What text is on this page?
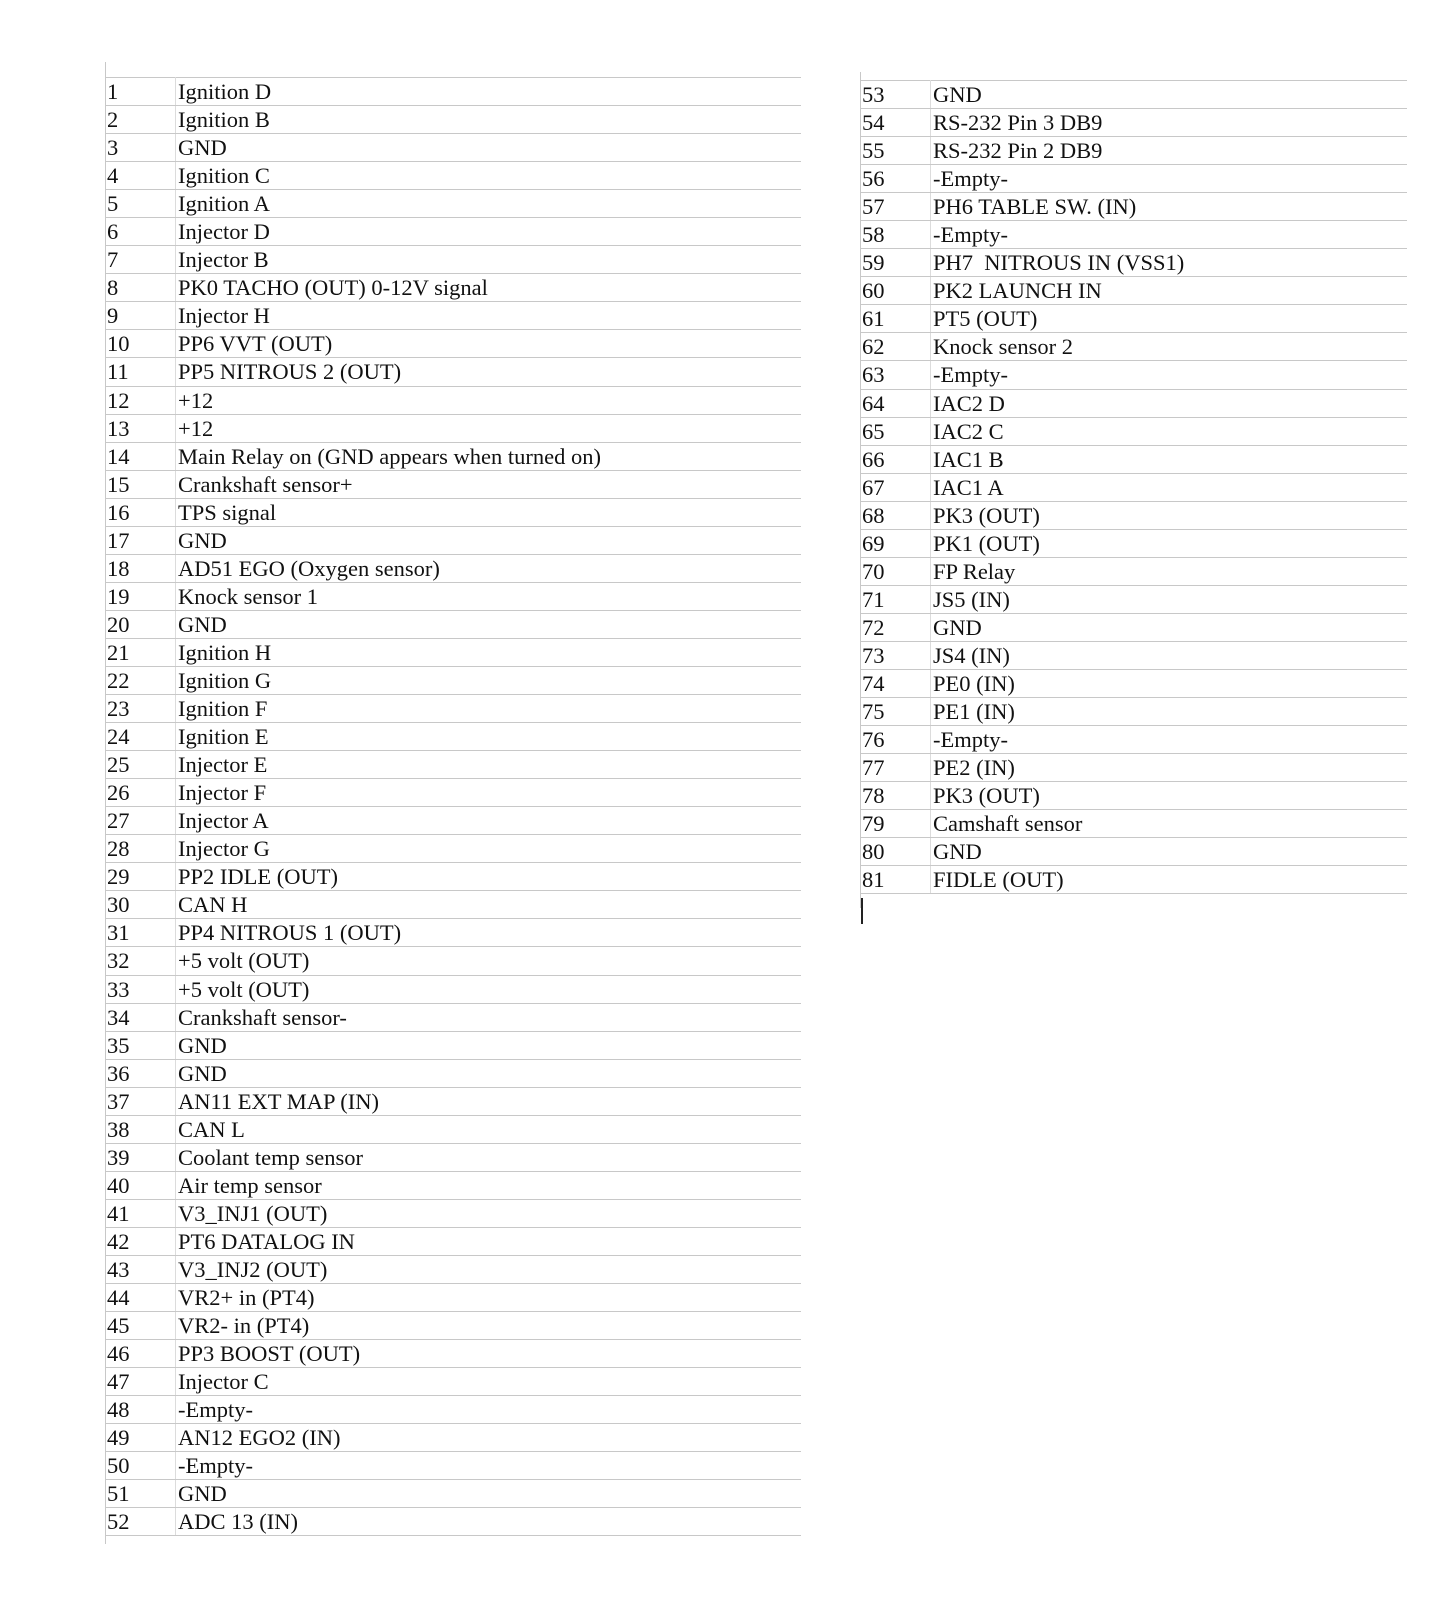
1	Ignition D
2	Ignition B
3	GND
4	Ignition C
5	Ignition A
6	Injector D
7	Injector B
8	PK0 TACHO (OUT) 0-12V signal
9	Injector H
10	PP6 VVT (OUT)
11	PP5 NITROUS 2 (OUT)
12	+12
13	+12
14	Main Relay on (GND appears when turned on)
15	Crankshaft sensor+
16	TPS signal
17	GND
18	AD51 EGO (Oxygen sensor)
19	Knock sensor 1
20	GND
21	Ignition H
22	Ignition G
23	Ignition F
24	Ignition E
25	Injector E
26	Injector F
27	Injector A
28	Injector G
29	PP2 IDLE (OUT)
30	CAN H
31	PP4 NITROUS 1 (OUT)
32	+5 volt (OUT)
33	+5 volt (OUT)
34	Crankshaft sensor-
35	GND
36	GND
37	AN11 EXT MAP (IN)
38	CAN L
39	Coolant temp sensor
40	Air temp sensor
41	V3_INJ1 (OUT)
42	PT6 DATALOG IN
43	V3_INJ2 (OUT)
44	VR2+ in (PT4)
45	VR2- in (PT4)
46	PP3 BOOST (OUT)
47	Injector C
48	-Empty-
49	AN12 EGO2 (IN)
50	-Empty-
51	GND
52	ADC 13 (IN)
53	GND
54	RS-232 Pin 3 DB9
55	RS-232 Pin 2 DB9
56	-Empty-
57	PH6 TABLE SW. (IN)
58	-Empty-
59	PH7  NITROUS IN (VSS1)
60	PK2 LAUNCH IN
61	PT5 (OUT)
62	Knock sensor 2
63	-Empty-
64	IAC2 D
65	IAC2 C
66	IAC1 B
67	IAC1 A
68	PK3 (OUT)
69	PK1 (OUT)
70	FP Relay
71	JS5 (IN)
72	GND
73	JS4 (IN)
74	PE0 (IN)
75	PE1 (IN)
76	-Empty-
77	PE2 (IN)
78	PK3 (OUT)
79	Camshaft sensor
80	GND
81	FIDLE (OUT)
